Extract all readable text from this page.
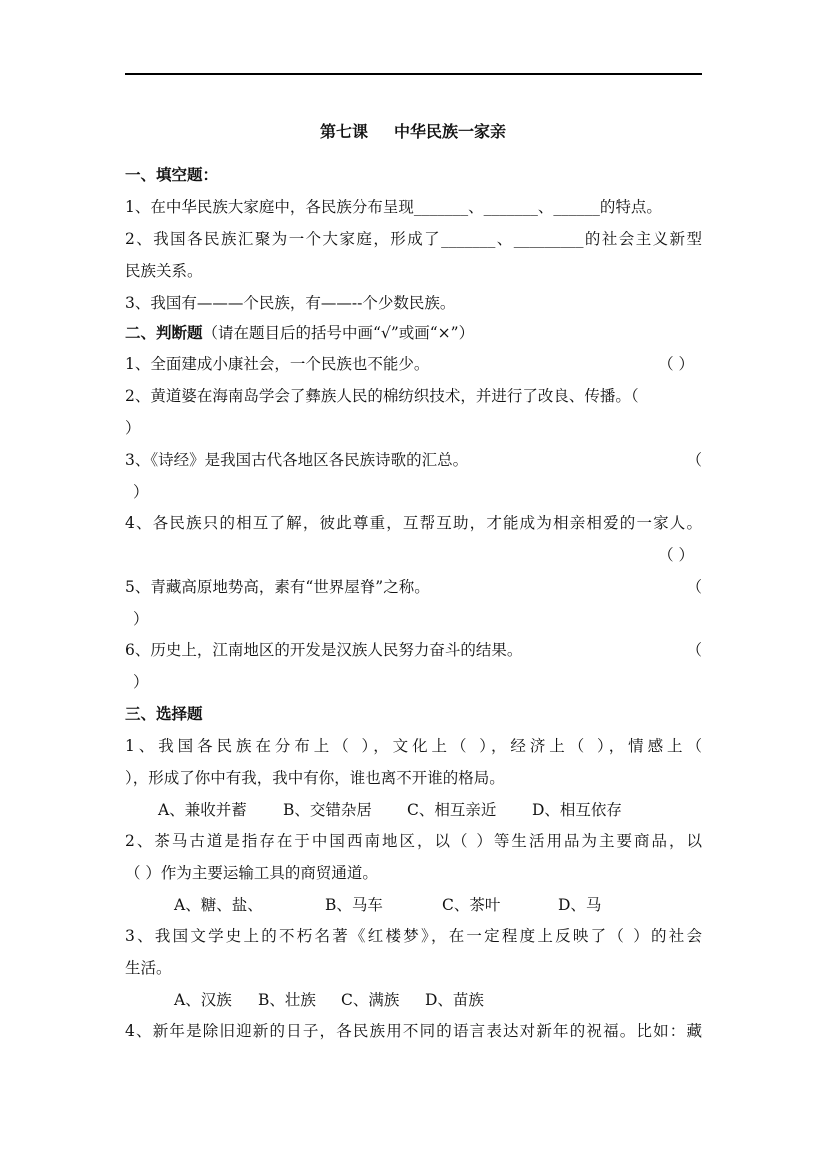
第七课 中华民族一家亲
一、填空题：
1、在中华民族大家庭中，各民族分布呈现_______、_______、______的特点。
2、我国各民族汇聚为一个大家庭，形成了_______、_________的社会主义新型
民族关系。
3、我国有———个民族，有——--个少数民族。
二、判断题（请在题目后的括号中画“√”或画“×”）
1、全面建成小康社会，一个民族也不能少。	（ ）
2、黄道婆在海南岛学会了彝族人民的棉纺织技术，并进行了改良、传播。（
）
3、《诗经》是我国古代各地区各民族诗歌的汇总。	（
）
4、各民族只的相互了解，彼此尊重，互帮互助，才能成为相亲相爱的一家人。
（ ）
5、青藏高原地势高，素有“世界屋脊”之称。	（
）
6、历史上，江南地区的开发是汉族人民努力奋斗的结果。	（
）
三、选择题
1、我国各民族在分布上（ ），文化上（ ），经济上（ ），情感上（
），形成了你中有我，我中有你，谁也离不开谁的格局。
A、兼收并蓄 B、交错杂居 C、相互亲近 D、相互依存
2、茶马古道是指存在于中国西南地区，以（ ）等生活用品为主要商品，以
（ ）作为主要运输工具的商贸通道。
A、糖、盐、	B、马车	C、茶叶	D、马
3、我国文学史上的不朽名著《红楼梦》，在一定程度上反映了（ ）的社会
生活。
A、汉族 B、壮族 C、满族 D、苗族
4、新年是除旧迎新的日子，各民族用不同的语言表达对新年的祝福。比如：藏
